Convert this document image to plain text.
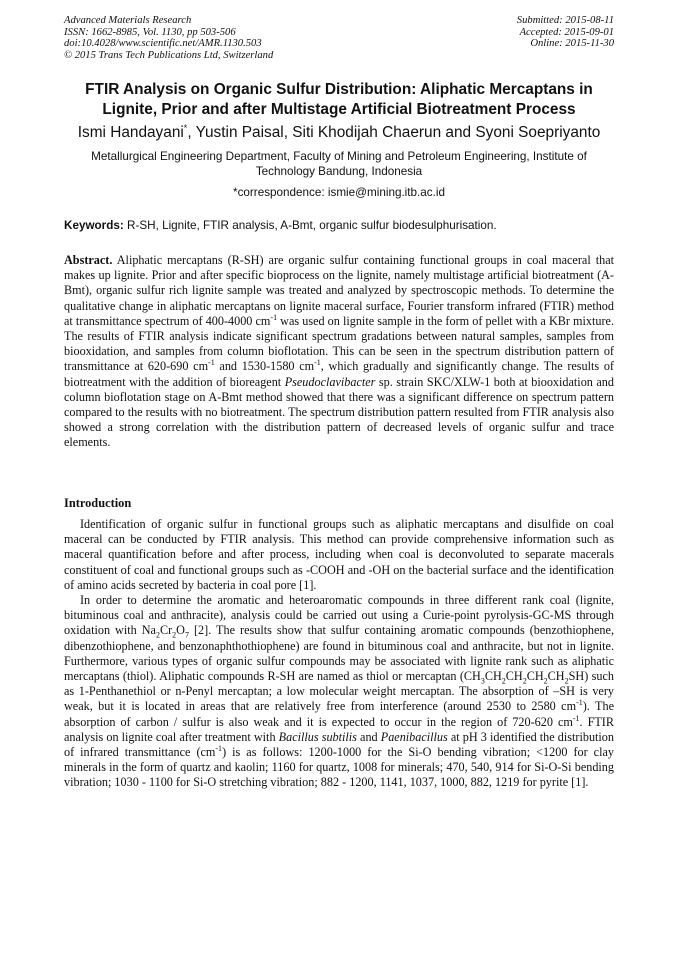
Advanced Materials Research
ISSN: 1662-8985, Vol. 1130, pp 503-506
doi:10.4028/www.scientific.net/AMR.1130.503
© 2015 Trans Tech Publications Ltd, Switzerland
Submitted: 2015-08-11
Accepted: 2015-09-01
Online: 2015-11-30
FTIR Analysis on Organic Sulfur Distribution: Aliphatic Mercaptans in Lignite, Prior and after Multistage Artificial Biotreatment Process
Ismi Handayani*, Yustin Paisal, Siti Khodijah Chaerun and Syoni Soepriyanto
Metallurgical Engineering Department, Faculty of Mining and Petroleum Engineering, Institute of Technology Bandung, Indonesia
*correspondence: ismie@mining.itb.ac.id
Keywords: R-SH, Lignite, FTIR analysis, A-Bmt, organic sulfur biodesulphurisation.
Abstract. Aliphatic mercaptans (R-SH) are organic sulfur containing functional groups in coal maceral that makes up lignite. Prior and after specific bioprocess on the lignite, namely multistage artificial biotreatment (A-Bmt), organic sulfur rich lignite sample was treated and analyzed by spectroscopic methods. To determine the qualitative change in aliphatic mercaptans on lignite maceral surface, Fourier transform infrared (FTIR) method at transmittance spectrum of 400-4000 $cm^{-1}$ was used on lignite sample in the form of pellet with a KBr mixture. The results of FTIR analysis indicate significant spectrum gradations between natural samples, samples from biooxidation, and samples from column bioflotation. This can be seen in the spectrum distribution pattern of transmittance at 620-690 $cm^{-1}$ and 1530-1580 $cm^{-1}$, which gradually and significantly change. The results of biotreatment with the addition of bioreagent Pseudoclavibacter sp. strain SKC/XLW-1 both at biooxidation and column bioflotation stage on A-Bmt method showed that there was a significant difference on spectrum pattern compared to the results with no biotreatment. The spectrum distribution pattern resulted from FTIR analysis also showed a strong correlation with the distribution pattern of decreased levels of organic sulfur and trace elements.
Introduction

Identification of organic sulfur in functional groups such as aliphatic mercaptans and disulfide on coal maceral can be conducted by FTIR analysis. This method can provide comprehensive information such as maceral quantification before and after process, including when coal is deconvoluted to separate macerals constituent of coal and functional groups such as -COOH and -OH on the bacterial surface and the identification of amino acids secreted by bacteria in coal pore [1].

In order to determine the aromatic and heteroaromatic compounds in three different rank coal (lignite, bituminous coal and anthracite), analysis could be carried out using a Curie-point pyrolysis-GC-MS through oxidation with $Na_2Cr_2O_7$ [2]. The results show that sulfur containing aromatic compounds (benzothiophene, dibenzothiophene, and benzonaphthothiophene) are found in bituminous coal and anthracite, but not in lignite. Furthermore, various types of organic sulfur compounds may be associated with lignite rank such as aliphatic mercaptans (thiol). Aliphatic compounds R-SH are named as thiol or mercaptan $(CH_3CH_2CH_2CH_2CH_2SH)$ such as 1-Penthanethiol or n-Penyl mercaptan; a low molecular weight mercaptan. The absorption of –SH is very weak, but it is located in areas that are relatively free from interference (around 2530 to 2580 $cm^{-1}$). The absorption of carbon / sulfur is also weak and it is expected to occur in the region of 720-620 $cm^{-1}$. FTIR analysis on lignite coal after treatment with Bacillus subtilis and Paenibacillus at pH 3 identified the distribution of infrared transmittance $(cm^{-1})$ is as follows: 1200-1000 for the Si-O bending vibration; <1200 for clay minerals in the form of quartz and kaolin; 1160 for quartz, 1008 for minerals; 470, 540, 914 for Si-O-Si bending vibration; 1030 - 1100 for Si-O stretching vibration; 882 - 1200, 1141, 1037, 1000, 882, 1219 for pyrite [1].
